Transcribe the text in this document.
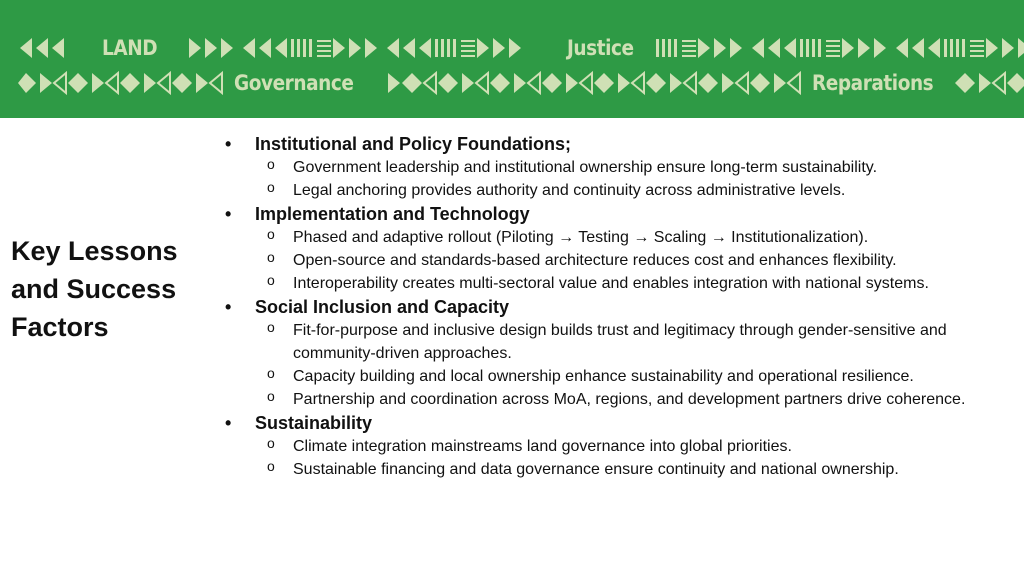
LAND	Justice
Governance	Reparations
Key Lessons and Success Factors
• Institutional and Policy Foundations;
o Government leadership and institutional ownership ensure long-term sustainability.
o Legal anchoring provides authority and continuity across administrative levels.
• Implementation and Technology
o Phased and adaptive rollout (Piloting → Testing → Scaling → Institutionalization).
o Open-source and standards-based architecture reduces cost and enhances flexibility.
o Interoperability creates multi-sectoral value and enables integration with national systems.
• Social Inclusion and Capacity
o Fit-for-purpose and inclusive design builds trust and legitimacy through gender-sensitive and community-driven approaches.
o Capacity building and local ownership enhance sustainability and operational resilience.
o Partnership and coordination across MoA, regions, and development partners drive coherence.
• Sustainability
o Climate integration mainstreams land governance into global priorities.
o Sustainable financing and data governance ensure continuity and national ownership.
